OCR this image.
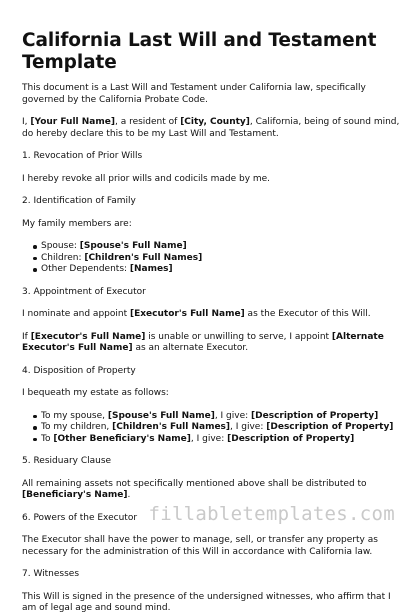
California Last Will and Testament Template

This document is a Last Will and Testament under California law, specifically governed by the California Probate Code.

I, [Your Full Name], a resident of [City, County], California, being of sound mind, do hereby declare this to be my Last Will and Testament.

1. Revocation of Prior Wills

I hereby revoke all prior wills and codicils made by me.

2. Identification of Family

My family members are:

Spouse: [Spouse's Full Name]
Children: [Children's Full Names]
Other Dependents: [Names]

3. Appointment of Executor

I nominate and appoint [Executor's Full Name] as the Executor of this Will.

If [Executor's Full Name] is unable or unwilling to serve, I appoint [Alternate Executor's Full Name] as an alternate Executor.

4. Disposition of Property

I bequeath my estate as follows:

To my spouse, [Spouse's Full Name], I give: [Description of Property]
To my children, [Children's Full Names], I give: [Description of Property]
To [Other Beneficiary's Name], I give: [Description of Property]

5. Residuary Clause

All remaining assets not specifically mentioned above shall be distributed to [Beneficiary's Name].

6. Powers of the Executor

The Executor shall have the power to manage, sell, or transfer any property as necessary for the administration of this Will in accordance with California law.

7. Witnesses

This Will is signed in the presence of the undersigned witnesses, who affirm that I am of legal age and sound mind.

fillabletemplates.com
